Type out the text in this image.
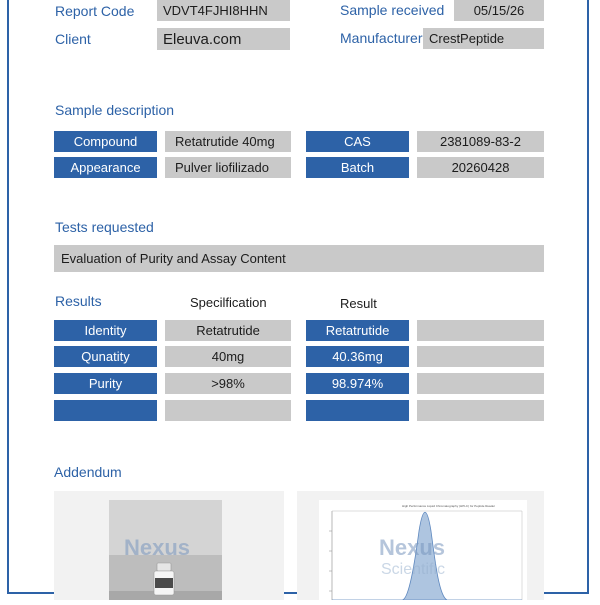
Report Code	VDVT4FJHI8HHN
Client	Eleuva.com
Sample received	05/15/26
Manufacturer CrestPeptide
Sample description
Compound	Retatrutide 40mg	CAS	2381089-83-2
Appearance	Pulver liofilizado	Batch	20260428
Tests requested
Evaluation of Purity and Assay Content
Results	Specilfication	Result
Identity	Retatrutide	Retatrutide
Qunatity	40mg	40.36mg
Purity	>98%	98.974%
Addendum
Nexus
High Performance Liquid Chromatography (HPLC) for Peptide Reader
Nexus
Scientific
